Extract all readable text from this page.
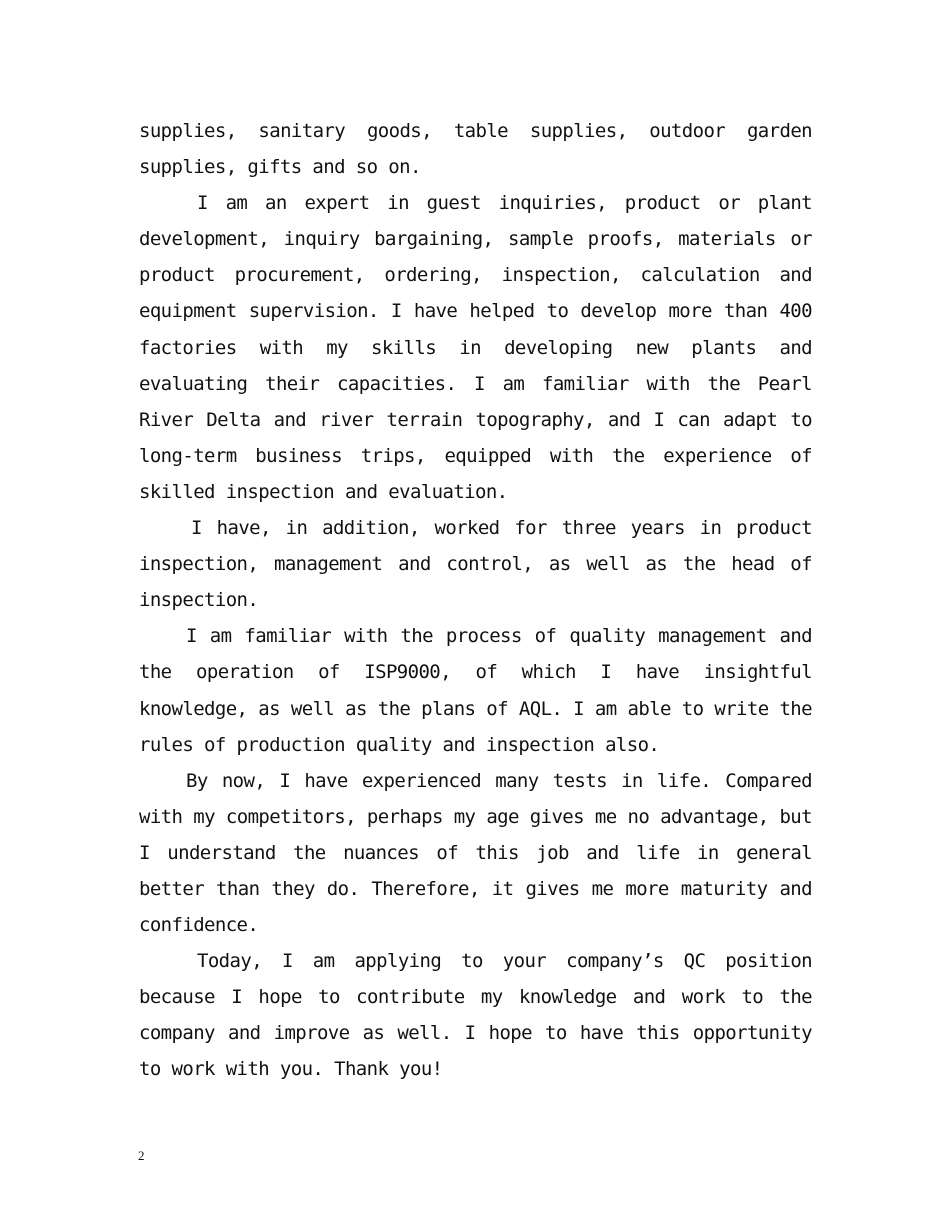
supplies, sanitary goods, table supplies, outdoor garden supplies, gifts and so on.

I am an expert in guest inquiries, product or plant development, inquiry bargaining, sample proofs, materials or product procurement, ordering, inspection, calculation and equipment supervision. I have helped to develop more than 400 factories with my skills in developing new plants and evaluating their capacities. I am familiar with the Pearl River Delta and river terrain topography, and I can adapt to long-term business trips, equipped with the experience of skilled inspection and evaluation.

I have, in addition, worked for three years in product inspection, management and control, as well as the head of inspection.

I am familiar with the process of quality management and the operation of ISP9000, of which I have insightful knowledge, as well as the plans of AQL. I am able to write the rules of production quality and inspection also.

By now, I have experienced many tests in life. Compared with my competitors, perhaps my age gives me no advantage, but I understand the nuances of this job and life in general better than they do. Therefore, it gives me more maturity and confidence.

Today, I am applying to your company’s QC position because I hope to contribute my knowledge and work to the company and improve as well. I hope to have this opportunity to work with you. Thank you!

2
